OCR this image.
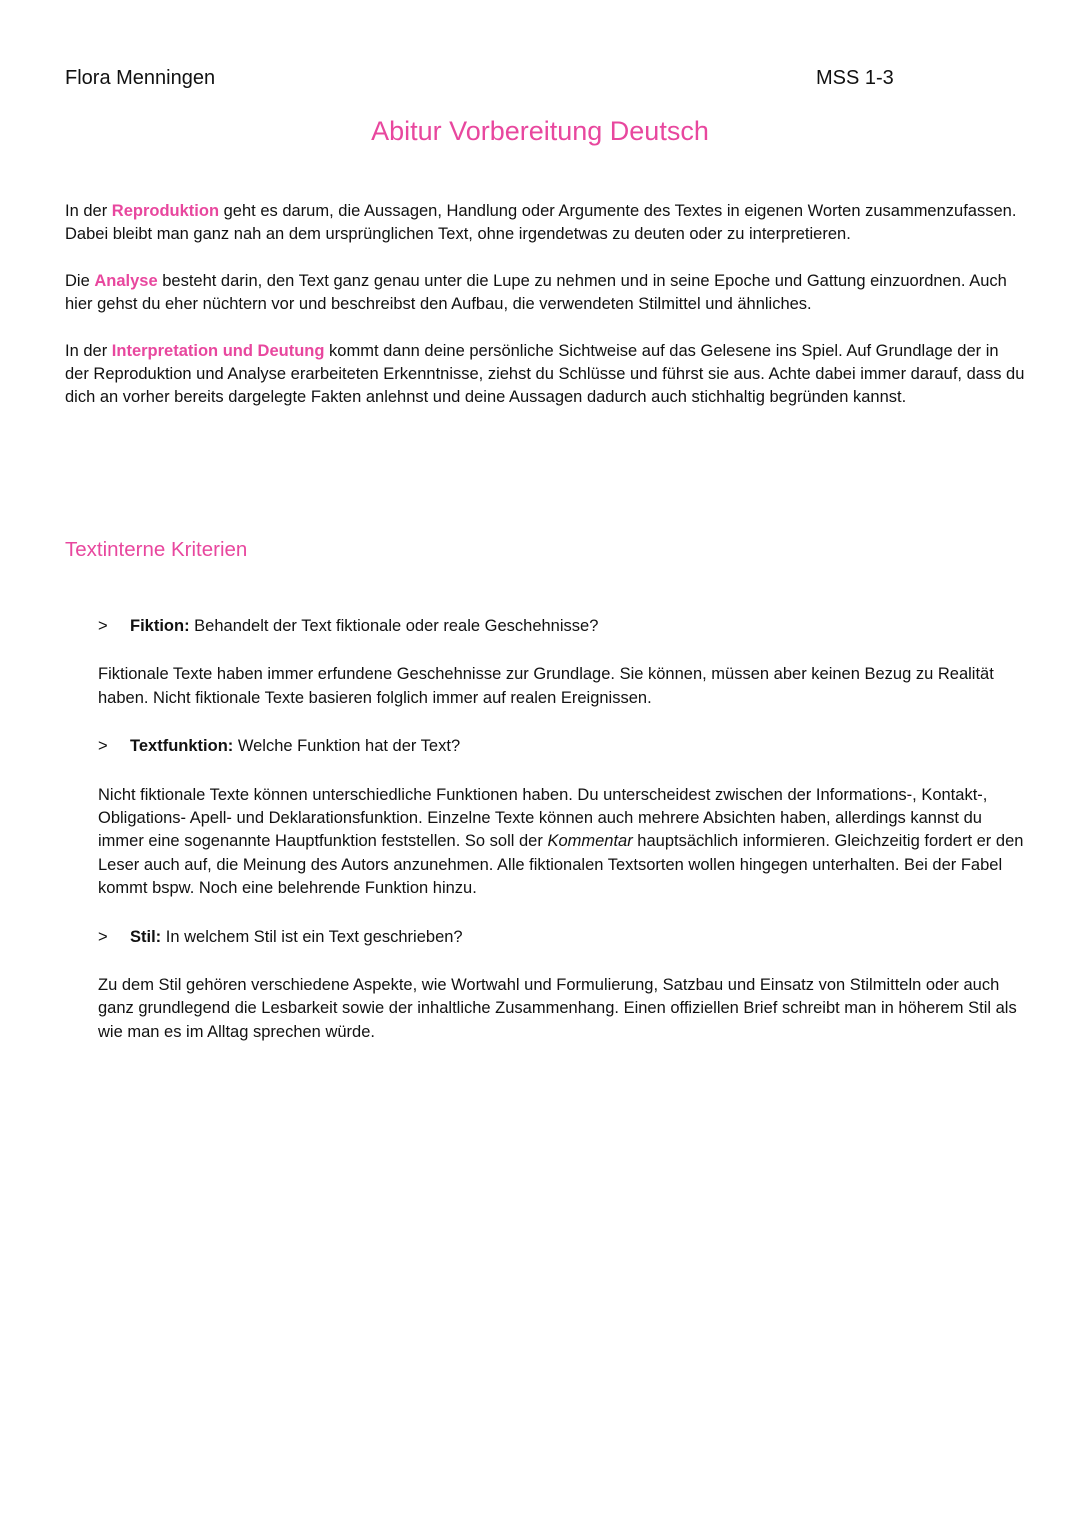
Flora Menningen	MSS 1-3
Abitur Vorbereitung Deutsch

In der Reproduktion geht es darum, die Aussagen, Handlung oder Argumente des Textes in eigenen Worten zusammenzufassen. Dabei bleibt man ganz nah an dem ursprünglichen Text, ohne irgendetwas zu deuten oder zu interpretieren.

Die Analyse besteht darin, den Text ganz genau unter die Lupe zu nehmen und in seine Epoche und Gattung einzuordnen. Auch hier gehst du eher nüchtern vor und beschreibst den Aufbau, die verwendeten Stilmittel und ähnliches.

In der Interpretation und Deutung kommt dann deine persönliche Sichtweise auf das Gelesene ins Spiel. Auf Grundlage der in der Reproduktion und Analyse erarbeiteten Erkenntnisse, ziehst du Schlüsse und führst sie aus. Achte dabei immer darauf, dass du dich an vorher bereits dargelegte Fakten anlehnst und deine Aussagen dadurch auch stichhaltig begründen kannst.

Textinterne Kriterien
>	Fiktion: Behandelt der Text fiktionale oder reale Geschehnisse?

Fiktionale Texte haben immer erfundene Geschehnisse zur Grundlage. Sie können, müssen aber keinen Bezug zu Realität haben. Nicht fiktionale Texte basieren folglich immer auf realen Ereignissen.

>	Textfunktion: Welche Funktion hat der Text?

Nicht fiktionale Texte können unterschiedliche Funktionen haben. Du unterscheidest zwischen der Informations-, Kontakt-, Obligations- Apell- und Deklarationsfunktion. Einzelne Texte können auch mehrere Absichten haben, allerdings kannst du immer eine sogenannte Hauptfunktion feststellen. So soll der Kommentar hauptsächlich informieren. Gleichzeitig fordert er den Leser auch auf, die Meinung des Autors anzunehmen. Alle fiktionalen Textsorten wollen hingegen unterhalten. Bei der Fabel kommt bspw. Noch eine belehrende Funktion hinzu.

>	Stil: In welchem Stil ist ein Text geschrieben?

Zu dem Stil gehören verschiedene Aspekte, wie Wortwahl und Formulierung, Satzbau und Einsatz von Stilmitteln oder auch ganz grundlegend die Lesbarkeit sowie der inhaltliche Zusammenhang. Einen offiziellen Brief schreibt man in höherem Stil als wie man es im Alltag sprechen würde.
